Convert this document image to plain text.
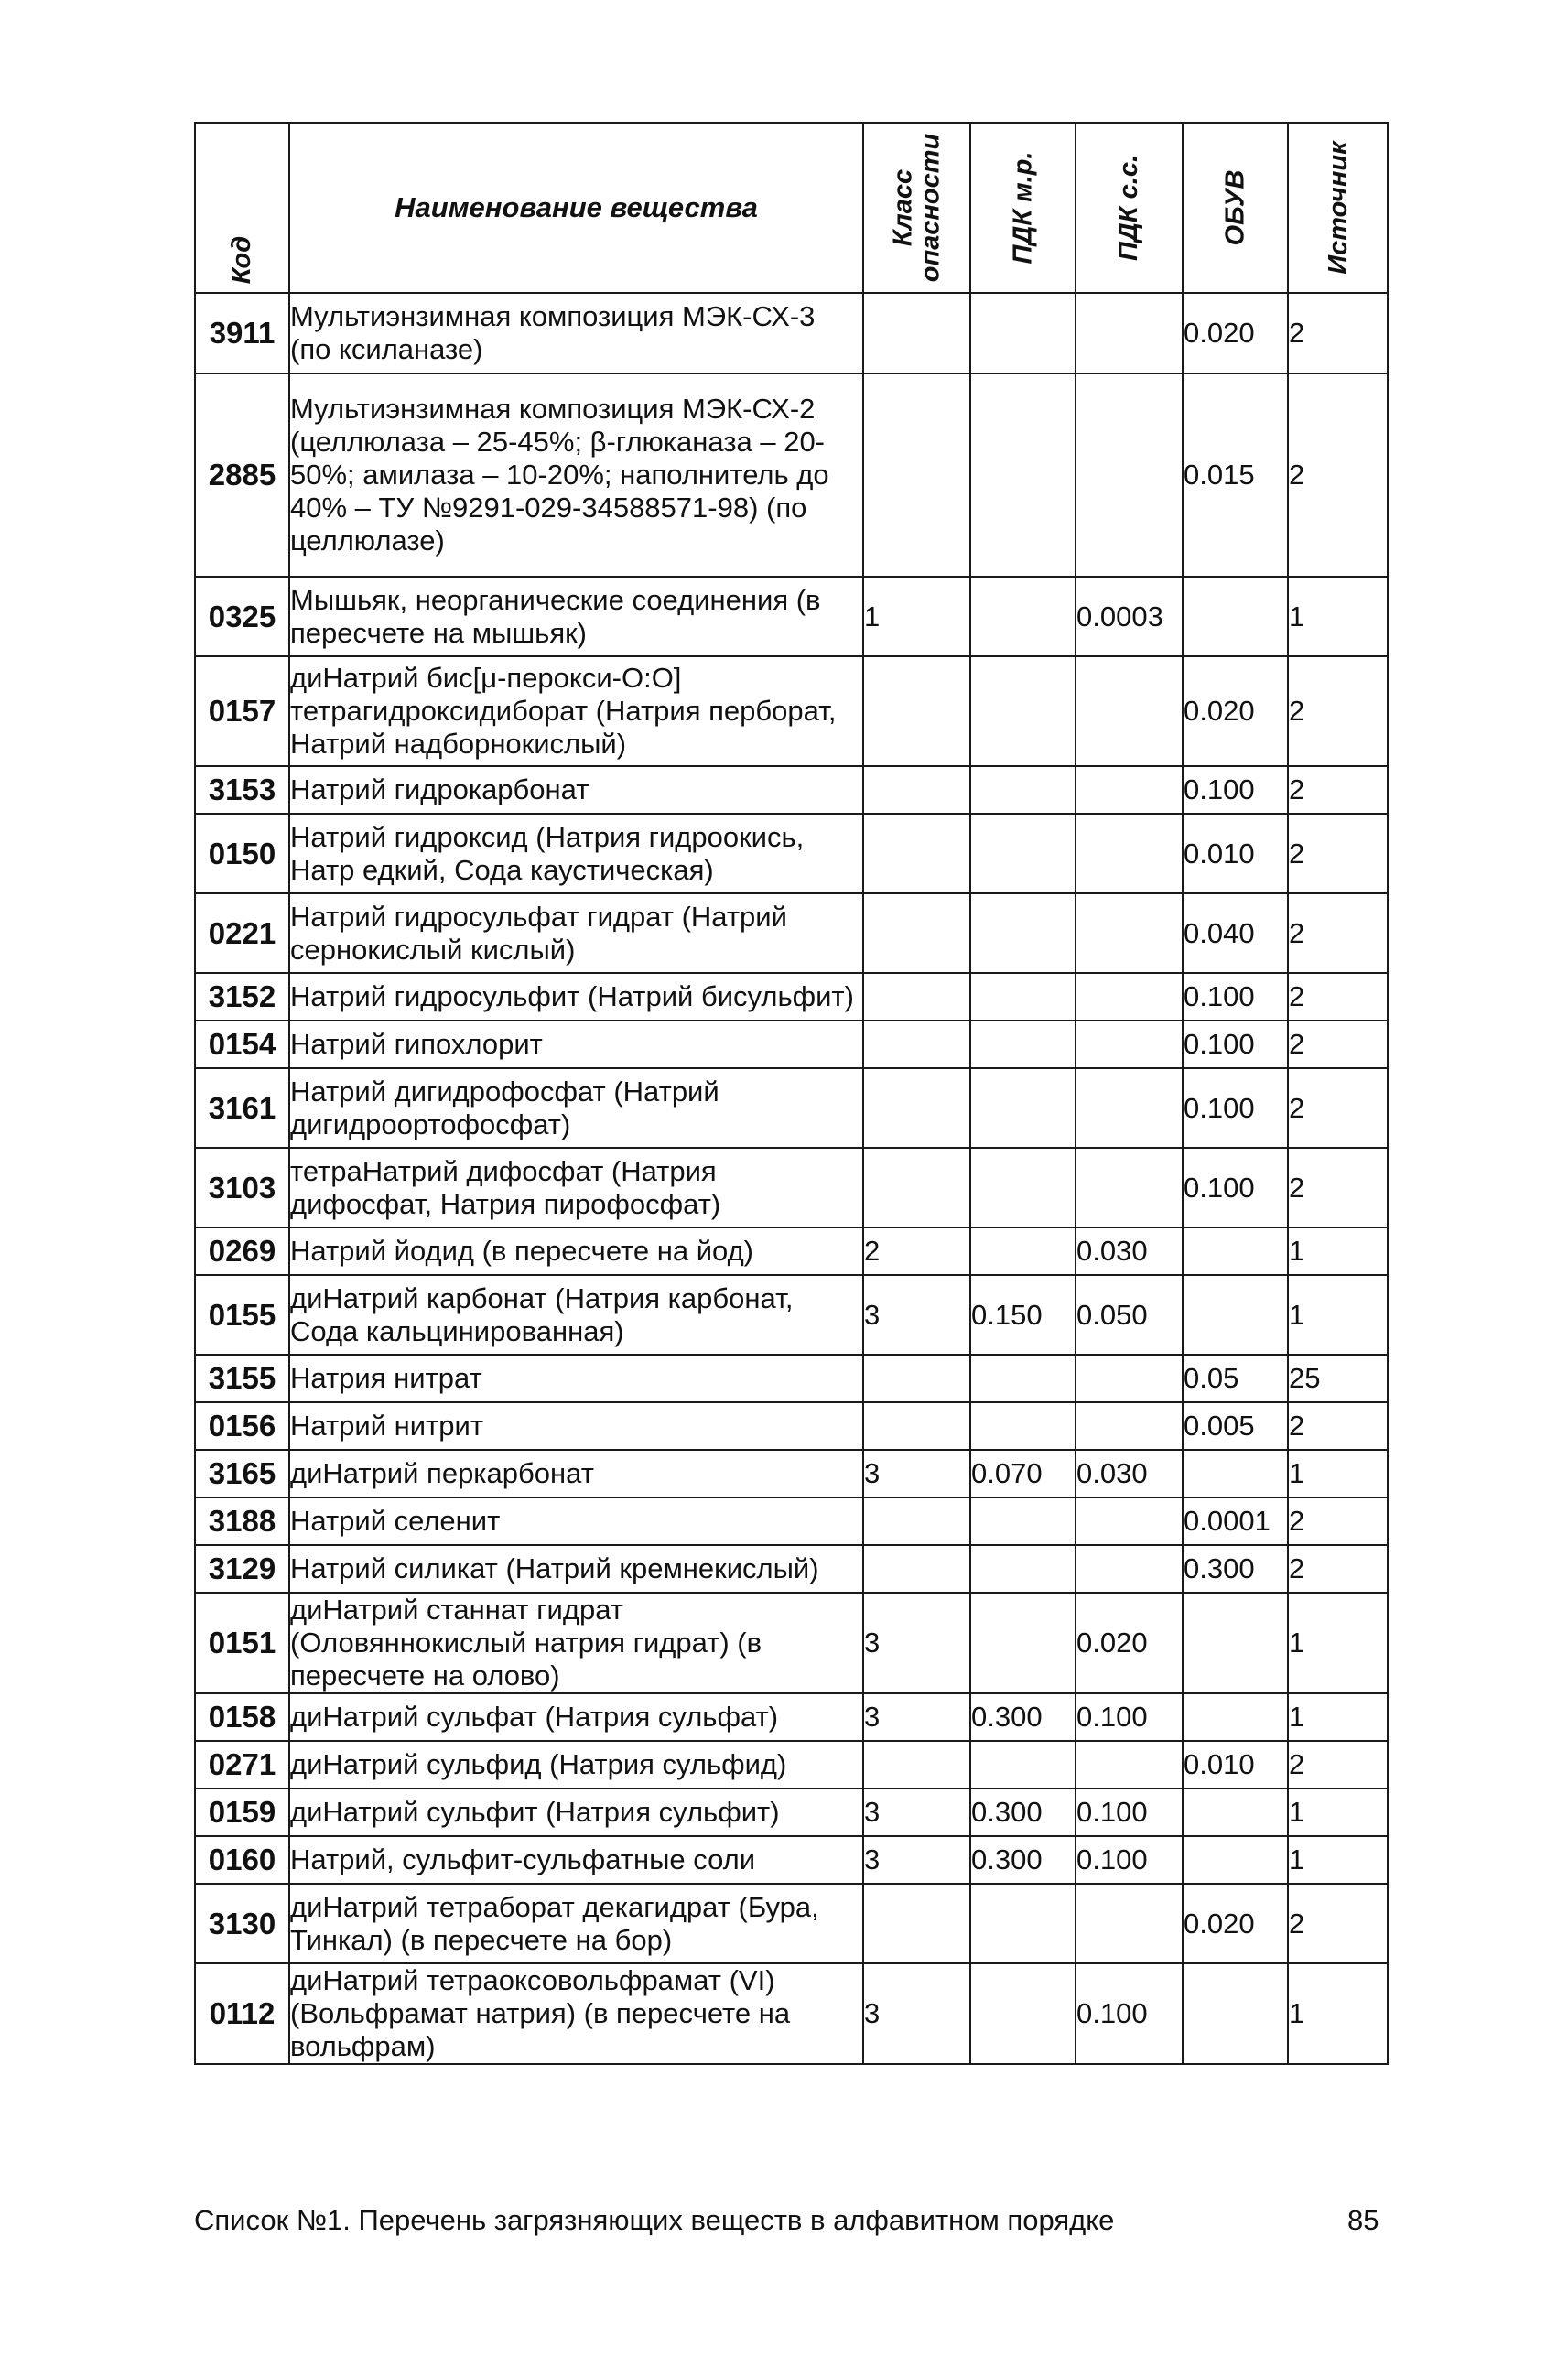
Код	Наименование вещества	Класс опасности	ПДК м.р.	ПДК с.с.	ОБУВ	Источник

3911	Мультиэнзимная композиция МЭК-СХ-3 (по ксиланазе)				0.020	2
2885	Мультиэнзимная композиция МЭК-СХ-2 (целлюлаза – 25-45%; β-глюканаза – 20-50%; амилаза – 10-20%; наполнитель до 40% – ТУ №9291-029-34588571-98) (по целлюлазе)				0.015	2
0325	Мышьяк, неорганические соединения (в пересчете на мышьяк)	1		0.0003		1
0157	диНатрий бис[μ-перокси-O:O] тетрагидроксидиборат (Натрия перборат, Натрий надборнокислый)				0.020	2
3153	Натрий гидрокарбонат				0.100	2
0150	Натрий гидроксид (Натрия гидроокись, Натр едкий, Сода каустическая)				0.010	2
0221	Натрий гидросульфат гидрат (Натрий сернокислый кислый)				0.040	2
3152	Натрий гидросульфит (Натрий бисульфит)				0.100	2
0154	Натрий гипохлорит				0.100	2
3161	Натрий дигидрофосфат (Натрий дигидроортофосфат)				0.100	2
3103	тетраНатрий дифосфат (Натрия дифосфат, Натрия пирофосфат)				0.100	2
0269	Натрий йодид (в пересчете на йод)	2		0.030		1
0155	диНатрий карбонат (Натрия карбонат, Сода кальцинированная)	3	0.150	0.050		1
3155	Натрия нитрат				0.05	25
0156	Натрий нитрит				0.005	2
3165	диНатрий перкарбонат	3	0.070	0.030		1
3188	Натрий селенит				0.0001	2
3129	Натрий силикат (Натрий кремнекислый)				0.300	2
0151	диНатрий станнат гидрат (Оловяннокислый натрия гидрат) (в пересчете на олово)	3		0.020		1
0158	диНатрий сульфат (Натрия сульфат)	3	0.300	0.100		1
0271	диНатрий сульфид (Натрия сульфид)				0.010	2
0159	диНатрий сульфит (Натрия сульфит)	3	0.300	0.100		1
0160	Натрий, сульфит-сульфатные соли	3	0.300	0.100		1
3130	диНатрий тетраборат декагидрат (Бура, Тинкал) (в пересчете на бор)				0.020	2
0112	диНатрий тетраоксовольфрамат (VI) (Вольфрамат натрия) (в пересчете на вольфрам)	3		0.100		1
Список №1. Перечень загрязняющих веществ в алфавитном порядке	85
